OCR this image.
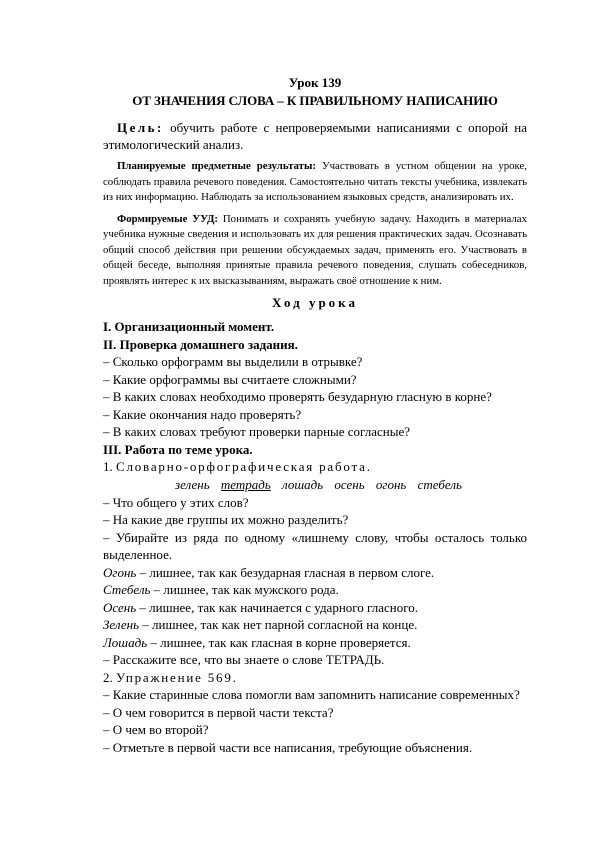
Урок 139

ОТ ЗНАЧЕНИЯ СЛОВА – К ПРАВИЛЬНОМУ НАПИСАНИЮ

Цель: обучить работе с непроверяемыми написаниями с опорой на этимологический анализ.

Планируемые предметные результаты: Участвовать в устном общении на уроке, соблюдать правила речевого поведения. Самостоятельно читать тексты учебника, извлекать из них информацию. Наблюдать за использованием языковых средств, анализировать их.

Формируемые УУД: Понимать и сохранять учебную задачу. Находить в материалах учебника нужные сведения и использовать их для решения практических задач. Осознавать общий способ действия при решении обсуждаемых задач, применять его. Участвовать в общей беседе, выполняя принятые правила речевого поведения, слушать собеседников, проявлять интерес к их высказываниям, выражать своё отношение к ним.

Ход урока

I. Организационный момент.

II. Проверка домашнего задания.

– Сколько орфограмм вы выделили в отрывке?

– Какие орфограммы вы считаете сложными?

– В каких словах необходимо проверять безударную гласную в корне?

– Какие окончания надо проверять?

– В каких словах требуют проверки парные согласные?

III. Работа по теме урока.

1. Словарно-орфографическая работа.

зелень тетрадь лошадь осень огонь стебель

– Что общего у этих слов?

– На какие две группы их можно разделить?

– Убирайте из ряда по одному «лишнему слову, чтобы осталось только выделенное.

Огонь – лишнее, так как безударная гласная в первом слоге.

Стебель – лишнее, так как мужского рода.

Осень – лишнее, так как начинается с ударного гласного.

Зелень – лишнее, так как нет парной согласной на конце.

Лошадь – лишнее, так как гласная в корне проверяется.

– Расскажите все, что вы знаете о слове ТЕТРАДЬ.

2. Упражнение 569.

– Какие старинные слова помогли вам запомнить написание современных?

– О чем говорится в первой части текста?

– О чем во второй?

– Отметьте в первой части все написания, требующие объяснения.
